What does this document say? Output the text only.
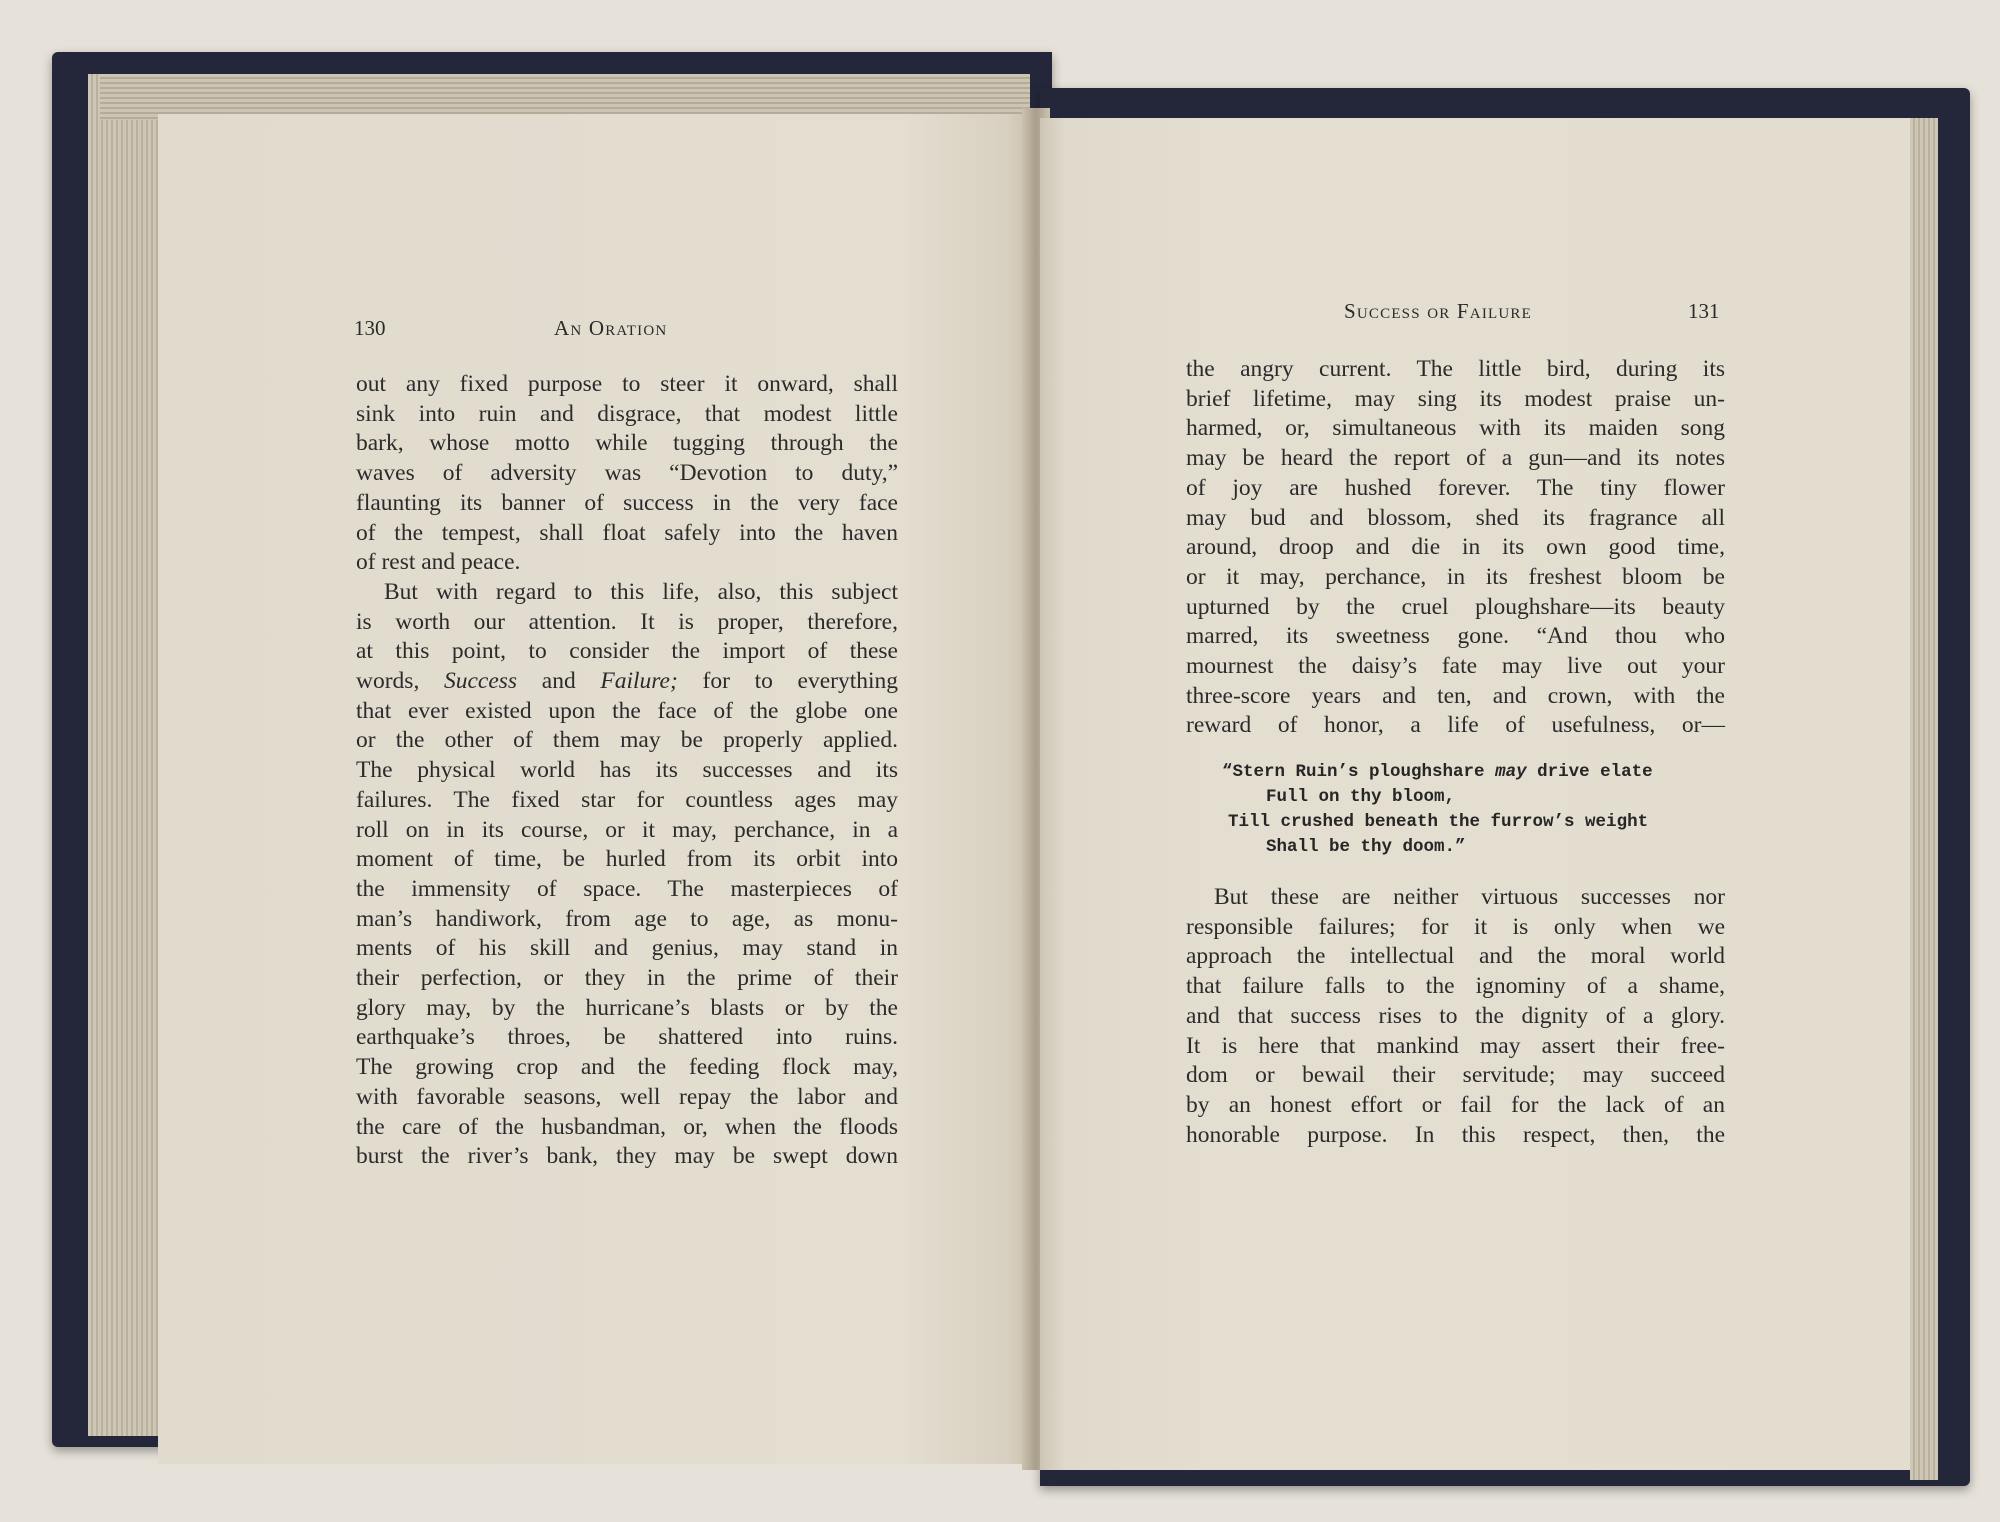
130	An Oration
out any fixed purpose to steer it onward, shall
sink into ruin and disgrace, that modest little
bark, whose motto while tugging through the
waves of adversity was “Devotion to duty,”
flaunting its banner of success in the very face
of the tempest, shall float safely into the haven
of rest and peace.
But with regard to this life, also, this subject
is worth our attention. It is proper, therefore,
at this point, to consider the import of these
words, Success and Failure; for to everything
that ever existed upon the face of the globe one
or the other of them may be properly applied.
The physical world has its successes and its
failures. The fixed star for countless ages may
roll on in its course, or it may, perchance, in a
moment of time, be hurled from its orbit into
the immensity of space. The masterpieces of
man’s handiwork, from age to age, as monu-
ments of his skill and genius, may stand in
their perfection, or they in the prime of their
glory may, by the hurricane’s blasts or by the
earthquake’s throes, be shattered into ruins.
The growing crop and the feeding flock may,
with favorable seasons, well repay the labor and
the care of the husbandman, or, when the floods
burst the river’s bank, they may be swept down
Success or Failure	131
the angry current. The little bird, during its
brief lifetime, may sing its modest praise un-
harmed, or, simultaneous with its maiden song
may be heard the report of a gun—and its notes
of joy are hushed forever. The tiny flower
may bud and blossom, shed its fragrance all
around, droop and die in its own good time,
or it may, perchance, in its freshest bloom be
upturned by the cruel ploughshare—its beauty
marred, its sweetness gone. “And thou who
mournest the daisy’s fate may live out your
three-score years and ten, and crown, with the
reward of honor, a life of usefulness, or—
“Stern Ruin’s ploughshare may drive elate
Full on thy bloom,
Till crushed beneath the furrow’s weight
Shall be thy doom.”
But these are neither virtuous successes nor
responsible failures; for it is only when we
approach the intellectual and the moral world
that failure falls to the ignominy of a shame,
and that success rises to the dignity of a glory.
It is here that mankind may assert their free-
dom or bewail their servitude; may succeed
by an honest effort or fail for the lack of an
honorable purpose. In this respect, then, the
